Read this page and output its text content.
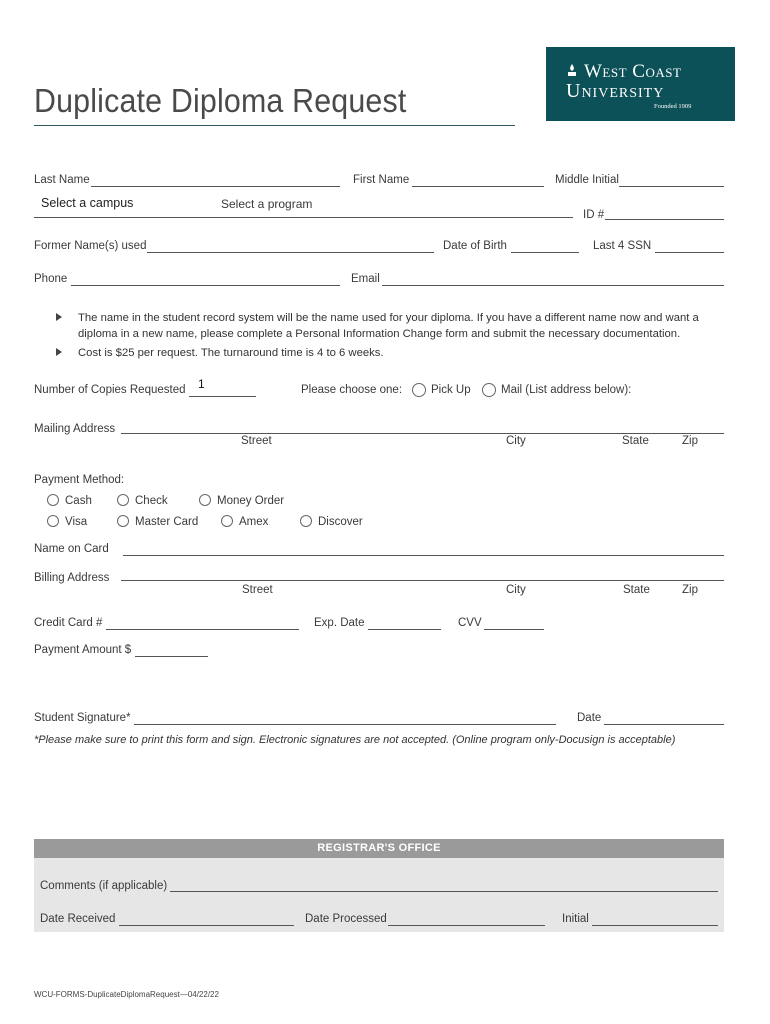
Duplicate Diploma Request
West Coast
University
Founded 1909
Last Name	First Name	Middle Initial
Select a campus	Select a program
ID #
Former Name(s) used	Date of Birth	Last 4 SSN
Phone	Email
The name in the student record system will be the name used for your diploma. If you have a different name now and want a
diploma in a new name, please complete a Personal Information Change form and submit the necessary documentation.
Cost is $25 per request. The turnaround time is 4 to 6 weeks.
Number of Copies Requested 1	Please choose one:	Pick Up	Mail (List address below):
Mailing Address
Street	City	State	Zip
Payment Method:
Cash	Check	Money Order
Visa	Master Card	Amex	Discover
Name on Card
Billing Address
Street	City	State	Zip
Credit Card #	Exp. Date	CVV
Payment Amount $
Student Signature*	Date
*Please make sure to print this form and sign. Electronic signatures are not accepted. (Online program only-Docusign is acceptable)
REGISTRAR'S OFFICE
Comments (if applicable)
Date Received	Date Processed	Initial
WCU-FORMS-DuplicateDiplomaRequest—04/22/22
